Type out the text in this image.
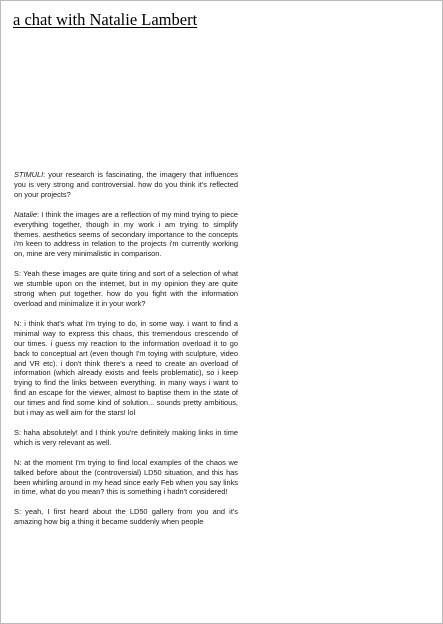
a chat with Natalie Lambert

STIMULI: your research is fascinating, the imagery that influences you is very strong and controversial. how do you think it's reflected on your projects?

Natalie: I think the images are a reflection of my mind trying to piece everything together, though in my work i am trying to simplify themes. aesthetics seems of secondary importance to the concepts i'm keen to address in relation to the projects i'm currently working on, mine are very minimalistic in comparison.

S: Yeah these images are quite tiring and sort of a selection of what we stumble upon on the internet, but in my opinion they are quite strong when put together. how do you fight with the information overload and minimalize it in your work?

N: i think that's what i'm trying to do, in some way. i want to find a minimal way to express this chaos, this tremendous crescendo of our times. i guess my reaction to the information overload it to go back to conceptual art (even though I'm toying with sculpture, video and VR etc). i don't think there's a need to create an overload of information (which already exists and feels problematic), so i keep trying to find the links between everything. in many ways i want to find an escape for the viewer, almost to baptise them in the state of our times and find some kind of solution... sounds pretty ambitious, but i may as well aim for the stars! lol

S: haha absolutely! and I think you're definitely making links in time which is very relevant as well.

N: at the moment I'm trying to find local examples of the chaos we talked before about the (controversial) LD50 situation, and this has been whirling around in my head since early Feb when you say links in time, what do you mean? this is something i hadn't considered!

S: yeah, I first heard about the LD50 gallery from you and it's amazing how big a thing it became suddenly when people
